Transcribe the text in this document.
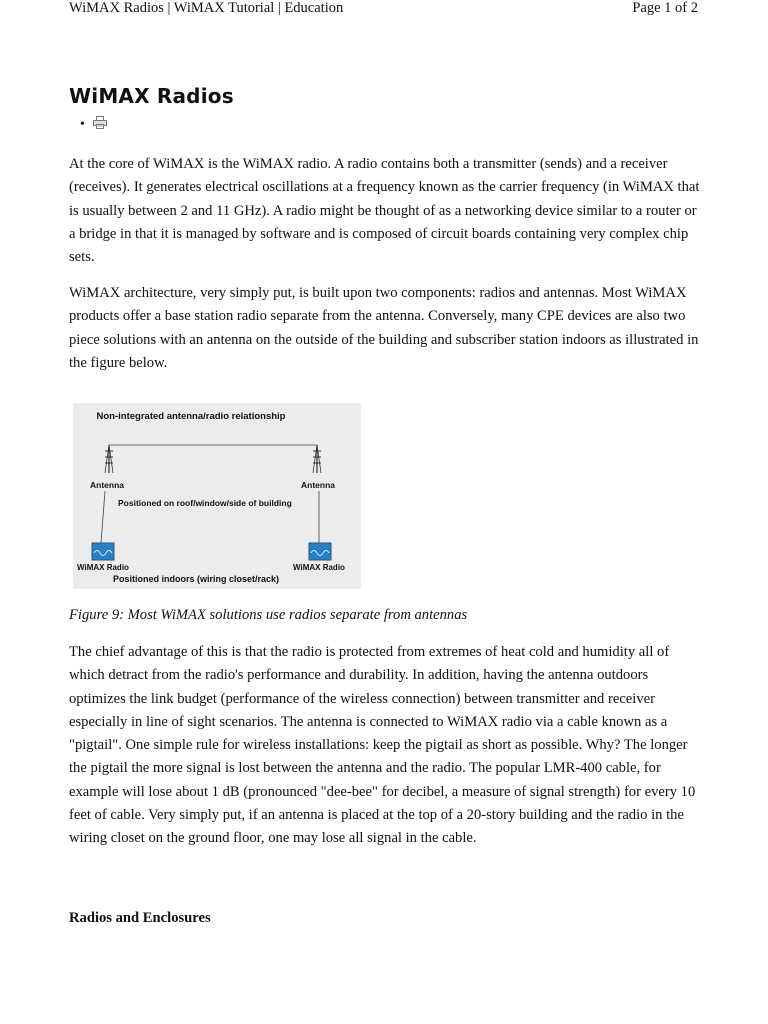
WiMAX Radios | WiMAX Tutorial | Education	Page 1 of 2
WiMAX Radios
•

At the core of WiMAX is the WiMAX radio. A radio contains both a transmitter (sends) and a receiver (receives). It generates electrical oscillations at a frequency known as the carrier frequency (in WiMAX that is usually between 2 and 11 GHz). A radio might be thought of as a networking device similar to a router or a bridge in that it is managed by software and is composed of circuit boards containing very complex chip sets.

WiMAX architecture, very simply put, is built upon two components: radios and antennas. Most WiMAX products offer a base station radio separate from the antenna. Conversely, many CPE devices are also two piece solutions with an antenna on the outside of the building and subscriber station indoors as illustrated in the figure below.

Non-integrated antenna/radio relationship
Antenna	Antenna
Positioned on roof/window/side of building
WiMAX Radio	WiMAX Radio
Positioned indoors (wiring closet/rack)
Figure 9: Most WiMAX solutions use radios separate from antennas

The chief advantage of this is that the radio is protected from extremes of heat cold and humidity all of which detract from the radio's performance and durability. In addition, having the antenna outdoors optimizes the link budget (performance of the wireless connection) between transmitter and receiver especially in line of sight scenarios. The antenna is connected to WiMAX radio via a cable known as a "pigtail". One simple rule for wireless installations: keep the pigtail as short as possible. Why? The longer the pigtail the more signal is lost between the antenna and the radio. The popular LMR-400 cable, for example will lose about 1 dB (pronounced "dee-bee" for decibel, a measure of signal strength) for every 10 feet of cable. Very simply put, if an antenna is placed at the top of a 20-story building and the radio in the wiring closet on the ground floor, one may lose all signal in the cable.

Radios and Enclosures
